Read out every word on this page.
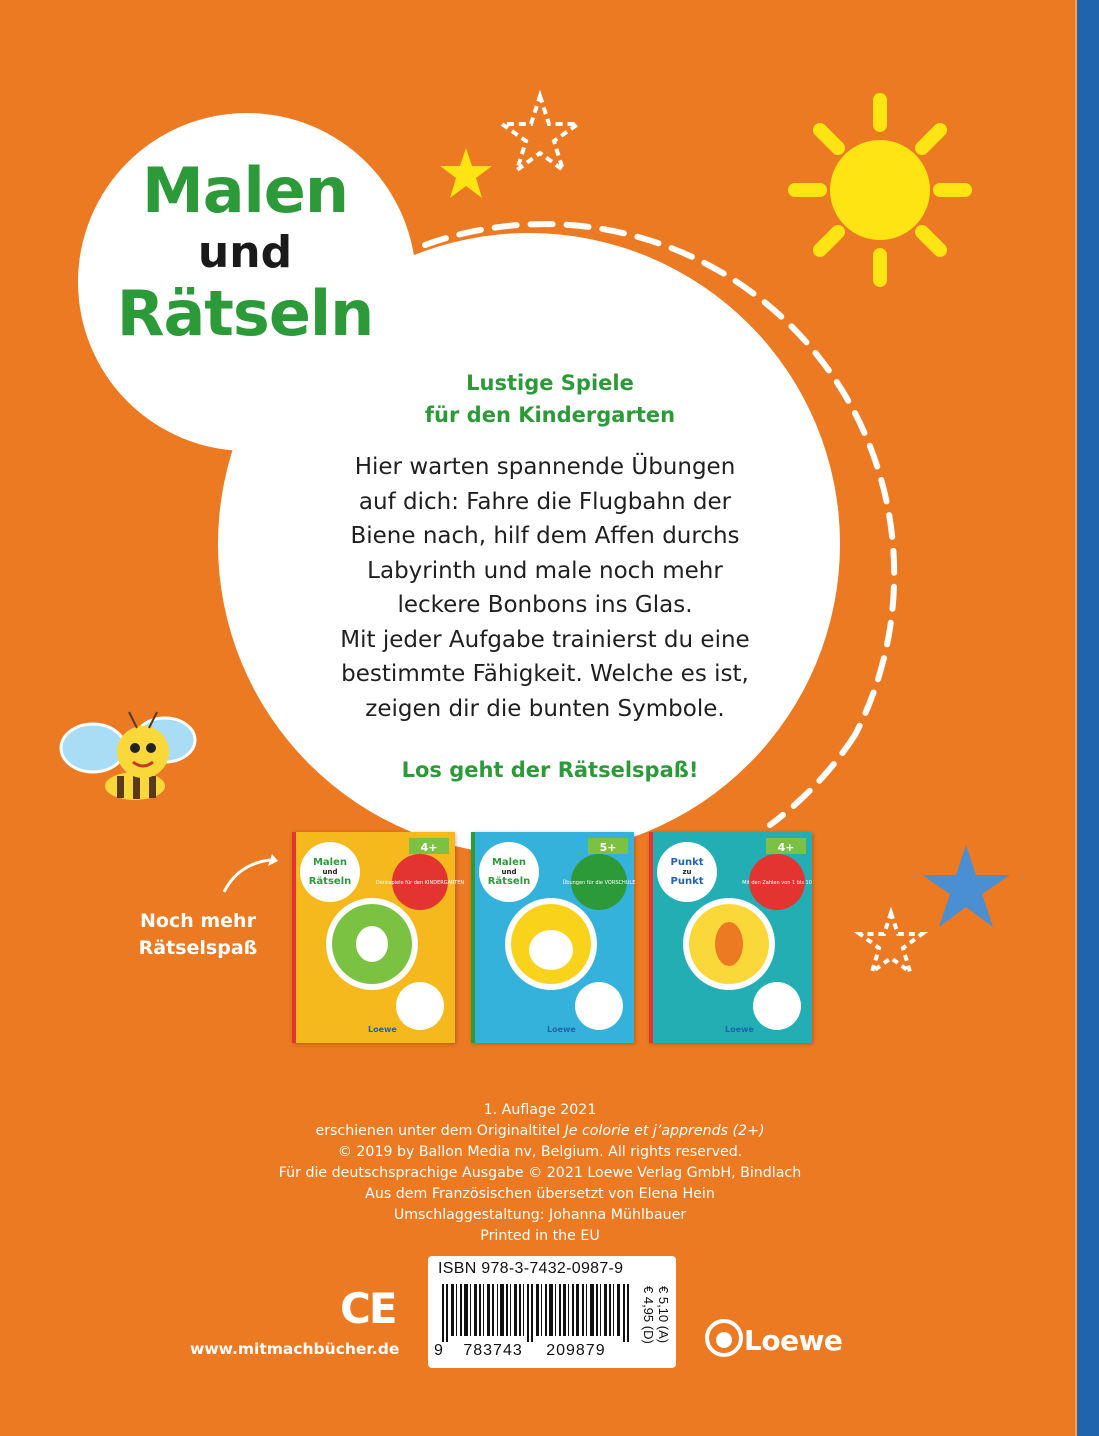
Malen
und
Rätseln
Lustige Spiele
für den Kindergarten
Hier warten spannende Übungen
auf dich: Fahre die Flugbahn der
Biene nach, hilf dem Affen durchs
Labyrinth und male noch mehr
leckere Bonbons ins Glas.
Mit jeder Aufgabe trainierst du eine
bestimmte Fähigkeit. Welche es ist,
zeigen dir die bunten Symbole.
Los geht der Rätselspaß!
Noch mehr
Rätselspaß
4+
Malen
und
Rätseln	Denkspiele für den KINDERGARTEN
Loewe
5+
Malen
und
Rätseln	Übungen für die VORSCHULE
Loewe
4+
Punkt
zu
Punkt	Mit den Zahlen von 1 bis 10
Loewe
1. Auflage 2021
erschienen unter dem Originaltitel Je colorie et j’apprends (2+)
© 2019 by Ballon Media nv, Belgium. All rights reserved.
Für die deutschsprachige Ausgabe © 2021 Loewe Verlag GmbH, Bindlach
Aus dem Französischen übersetzt von Elena Hein
Umschlaggestaltung: Johanna Mühlbauer
Printed in the EU
CE
www.mitmachbücher.de
ISBN 978-3-7432-0987-9
9 783743 209879
€ 4,95 (D) € 5,10 (A)	Loewe
